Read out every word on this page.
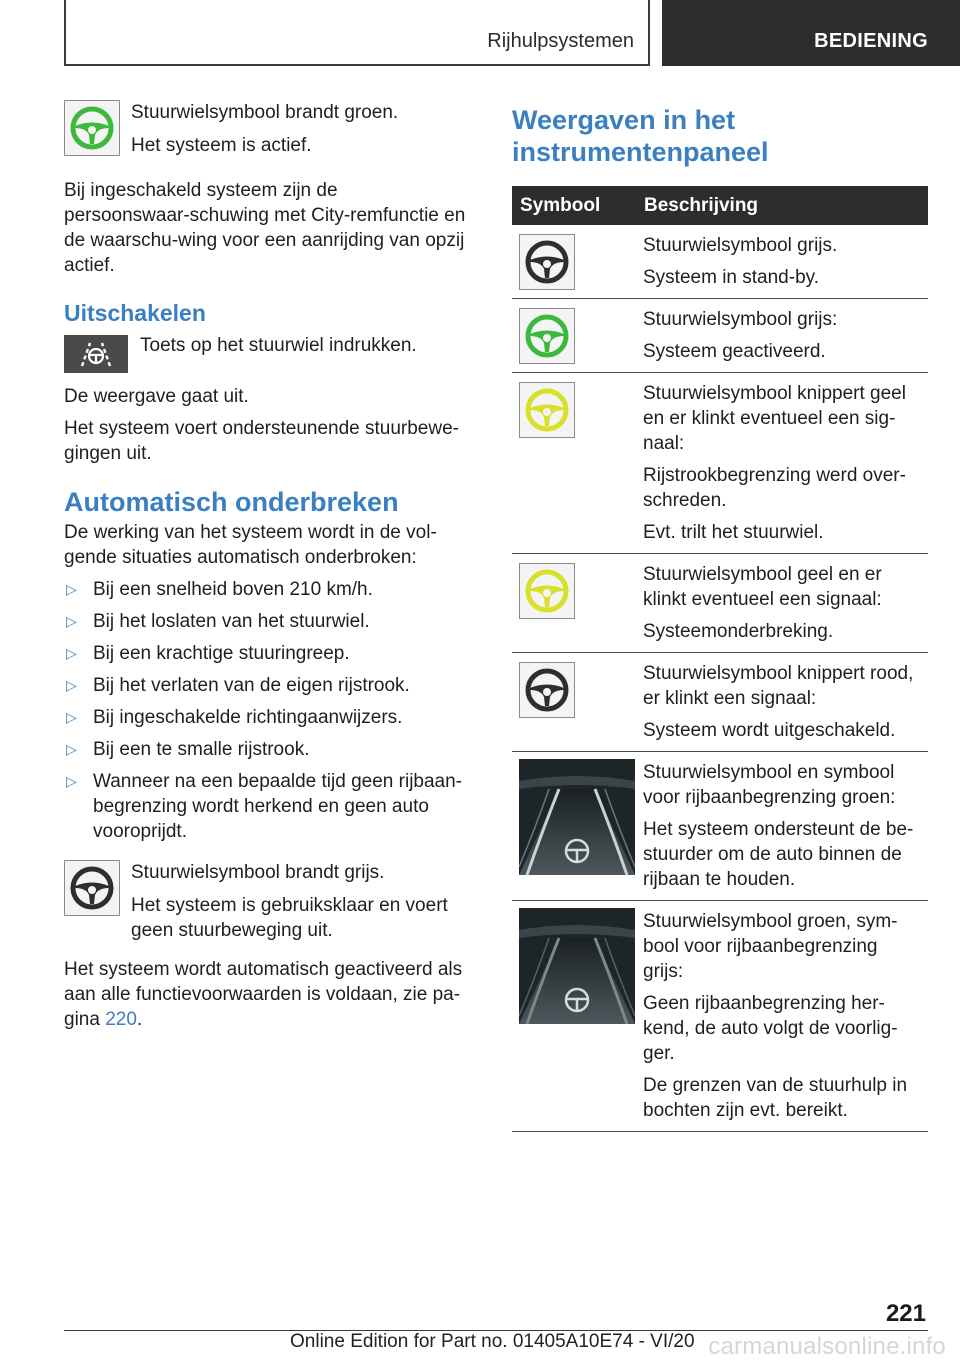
Rijhulpsystemen	BEDIENING
Stuurwielsymbool brandt groen.
Het systeem is actief.
Bij ingeschakeld systeem zijn de persoonswaar-schuwing met City-remfunctie en de waarschu-wing voor een aanrijding van opzij actief.
Uitschakelen
Toets op het stuurwiel indrukken.
De weergave gaat uit.
Het systeem voert ondersteunende stuurbewe-gingen uit.
Automatisch onderbreken
De werking van het systeem wordt in de vol-gende situaties automatisch onderbroken:
▷ Bij een snelheid boven 210 km/h.
▷ Bij het loslaten van het stuurwiel.
▷ Bij een krachtige stuuringreep.
▷ Bij het verlaten van de eigen rijstrook.
▷ Bij ingeschakelde richtingaanwijzers.
▷ Bij een te smalle rijstrook.
▷ Wanneer na een bepaalde tijd geen rijbaan-begrenzing wordt herkend en geen auto vooroprijdt.
Stuurwielsymbool brandt grijs.
Het systeem is gebruiksklaar en voert geen stuurbeweging uit.
Het systeem wordt automatisch geactiveerd als aan alle functievoorwaarden is voldaan, zie pa-gina 220.
Weergaven in het instrumentenpaneel
Symbool	Beschrijving
Stuurwielsymbool grijs.
Systeem in stand-by.
Stuurwielsymbool grijs:
Systeem geactiveerd.
Stuurwielsymbool knippert geel en er klinkt eventueel een sig-naal:
Rijstrookbegrenzing werd over-schreden.
Evt. trilt het stuurwiel.
Stuurwielsymbool geel en er klinkt eventueel een signaal:
Systeemonderbreking.
Stuurwielsymbool knippert rood, er klinkt een signaal:
Systeem wordt uitgeschakeld.
Stuurwielsymbool en symbool voor rijbaanbegrenzing groen:
Het systeem ondersteunt de be-stuurder om de auto binnen de rijbaan te houden.
Stuurwielsymbool groen, sym-bool voor rijbaanbegrenzing grijs:
Geen rijbaanbegrenzing her-kend, de auto volgt de voorlig-ger.
De grenzen van de stuurhulp in bochten zijn evt. bereikt.
221
Online Edition for Part no. 01405A10E74 - VI/20 carmanualsonline.info
